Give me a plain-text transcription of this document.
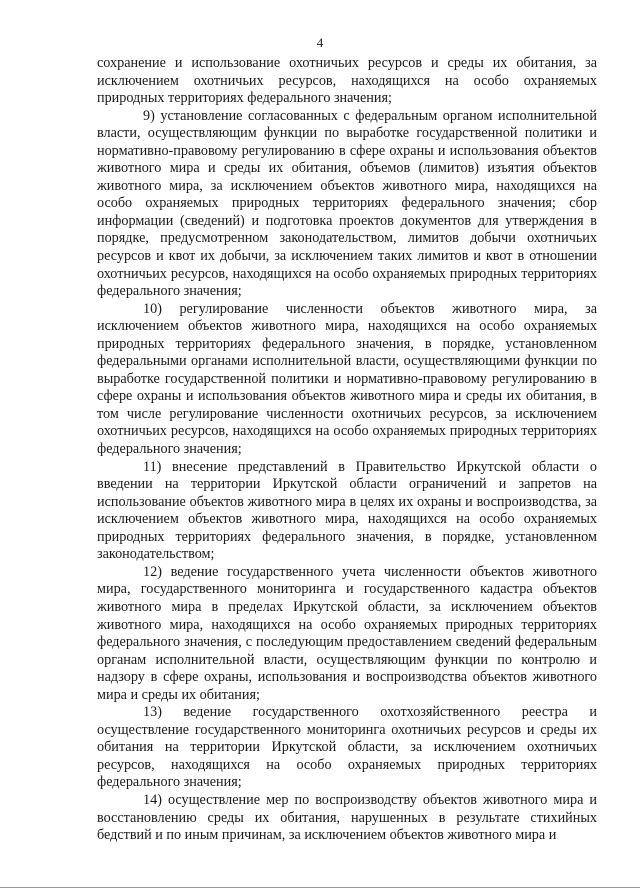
4

сохранение и использование охотничьих ресурсов и среды их обитания, за исключением охотничьих ресурсов, находящихся на особо охраняемых природных территориях федерального значения;

9) установление согласованных с федеральным органом исполнительной власти, осуществляющим функции по выработке государственной политики и нормативно-правовому регулированию в сфере охраны и использования объектов животного мира и среды их обитания, объемов (лимитов) изъятия объектов животного мира, за исключением объектов животного мира, находящихся на особо охраняемых природных территориях федерального значения; сбор информации (сведений) и подготовка проектов документов для утверждения в порядке, предусмотренном законодательством, лимитов добычи охотничьих ресурсов и квот их добычи, за исключением таких лимитов и квот в отношении охотничьих ресурсов, находящихся на особо охраняемых природных территориях федерального значения;

10) регулирование численности объектов животного мира, за исключением объектов животного мира, находящихся на особо охраняемых природных территориях федерального значения, в порядке, установленном федеральными органами исполнительной власти, осуществляющими функции по выработке государственной политики и нормативно-правовому регулированию в сфере охраны и использования объектов животного мира и среды их обитания, в том числе регулирование численности охотничьих ресурсов, за исключением охотничьих ресурсов, находящихся на особо охраняемых природных территориях федерального значения;

11) внесение представлений в Правительство Иркутской области о введении на территории Иркутской области ограничений и запретов на использование объектов животного мира в целях их охраны и воспроизводства, за исключением объектов животного мира, находящихся на особо охраняемых природных территориях федерального значения, в порядке, установленном законодательством;

12) ведение государственного учета численности объектов животного мира, государственного мониторинга и государственного кадастра объектов животного мира в пределах Иркутской области, за исключением объектов животного мира, находящихся на особо охраняемых природных территориях федерального значения, с последующим предоставлением сведений федеральным органам исполнительной власти, осуществляющим функции по контролю и надзору в сфере охраны, использования и воспроизводства объектов животного мира и среды их обитания;

13) ведение государственного охотхозяйственного реестра и осуществление государственного мониторинга охотничьих ресурсов и среды их обитания на территории Иркутской области, за исключением охотничьих ресурсов, находящихся на особо охраняемых природных территориях федерального значения;

14) осуществление мер по воспроизводству объектов животного мира и восстановлению среды их обитания, нарушенных в результате стихийных бедствий и по иным причинам, за исключением объектов животного мира и
